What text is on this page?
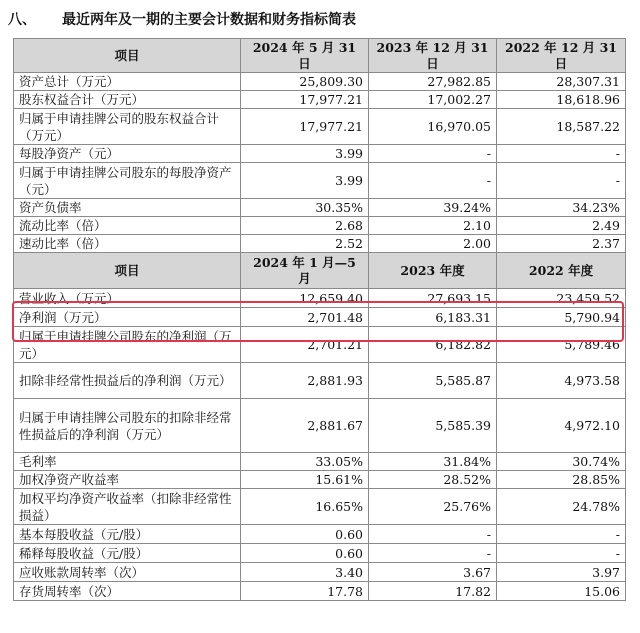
八、 最近两年及一期的主要会计数据和财务指标简表
项目	2024 年 5 月 31 日	2023 年 12 月 31 日	2022 年 12 月 31 日
资产总计（万元）	25,809.30	27,982.85	28,307.31
股东权益合计（万元）	17,977.21	17,002.27	18,618.96
归属于申请挂牌公司的股东权益合计（万元）	17,977.21	16,970.05	18,587.22
每股净资产（元）	3.99	-	-
归属于申请挂牌公司股东的每股净资产（元）	3.99	-	-
资产负债率	30.35%	39.24%	34.23%
流动比率（倍）	2.68	2.10	2.49
速动比率（倍）	2.52	2.00	2.37
项目	2024 年 1 月—5 月	2023 年度	2022 年度
营业收入（万元）	12,659.40	27,693.15	23,459.52
净利润（万元）	2,701.48	6,183.31	5,790.94
归属于申请挂牌公司股东的净利润（万元）	2,701.21	6,182.82	5,789.46
扣除非经常性损益后的净利润（万元）	2,881.93	5,585.87	4,973.58
归属于申请挂牌公司股东的扣除非经常性损益后的净利润（万元）	2,881.67	5,585.39	4,972.10
毛利率	33.05%	31.84%	30.74%
加权净资产收益率	15.61%	28.52%	28.85%
加权平均净资产收益率（扣除非经常性损益）	16.65%	25.76%	24.78%
基本每股收益（元/股）	0.60	-	-
稀释每股收益（元/股）	0.60	-	-
应收账款周转率（次）	3.40	3.67	3.97
存货周转率（次）	17.78	17.82	15.06
